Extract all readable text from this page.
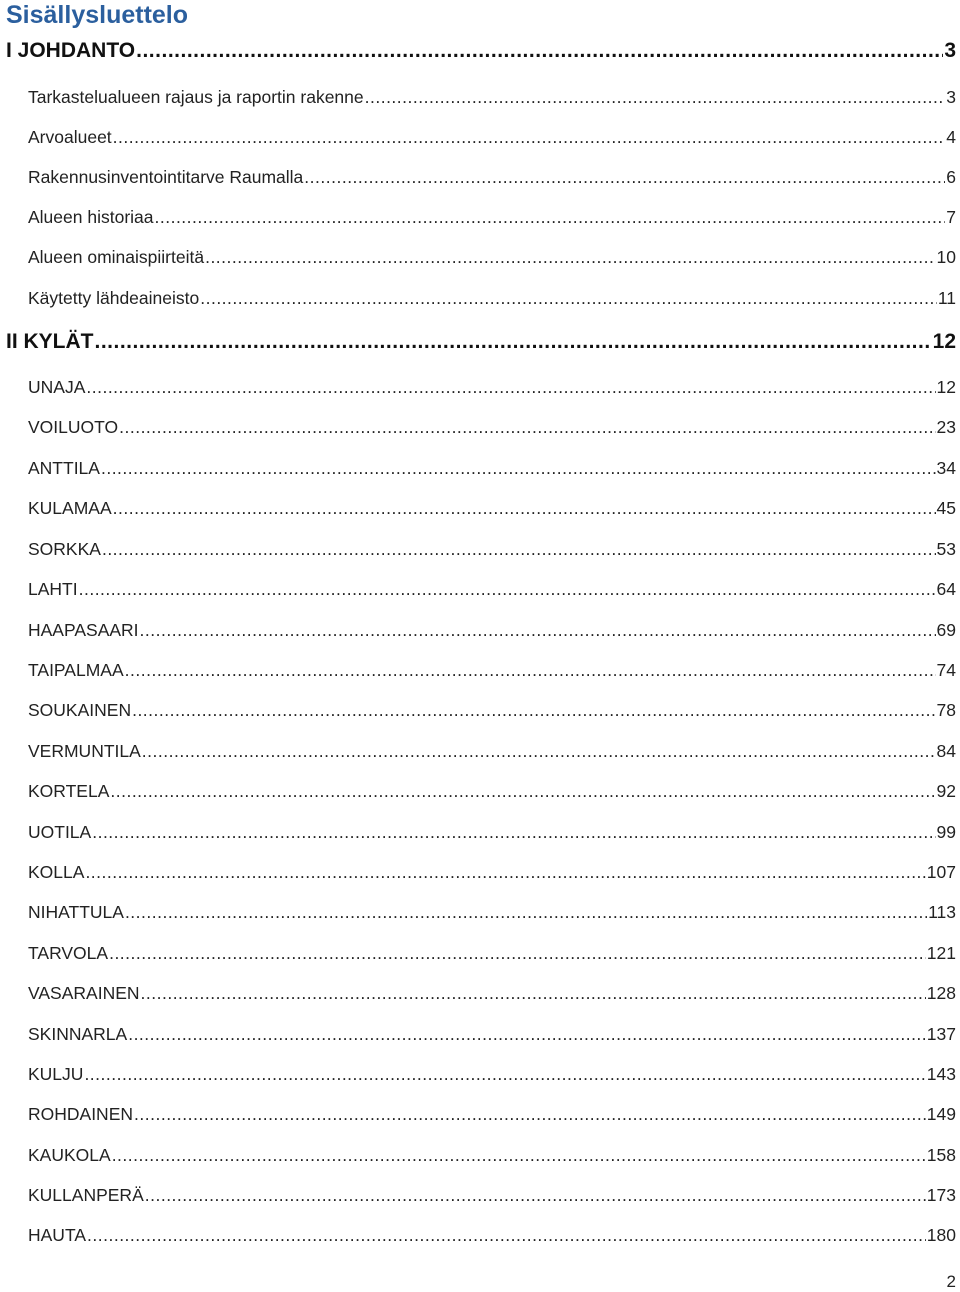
Sisällysluettelo
I JOHDANTO .....	3
Tarkastelualueen rajaus ja raportin rakenne .....	3
Arvoalueet .....	4
Rakennusinventointitarve Raumalla .....	6
Alueen historiaa .....	7
Alueen ominaispiirteitä .....	10
Käytetty lähdeaineisto .....	11
II KYLÄT .....	12
UNAJA .....	12
VOILUOTO .....	23
ANTTILA .....	34
KULAMAA .....	45
SORKKA .....	53
LAHTI .....	64
HAAPASAARI .....	69
TAIPALMAA .....	74
SOUKAINEN .....	78
VERMUNTILA .....	84
KORTELA .....	92
UOTILA .....	99
KOLLA .....	107
NIHATTULA .....	113
TARVOLA .....	121
VASARAINEN .....	128
SKINNARLA .....	137
KULJU .....	143
ROHDAINEN .....	149
KAUKOLA .....	158
KULLANPERÄ .....	173
HAUTA .....	180
2
